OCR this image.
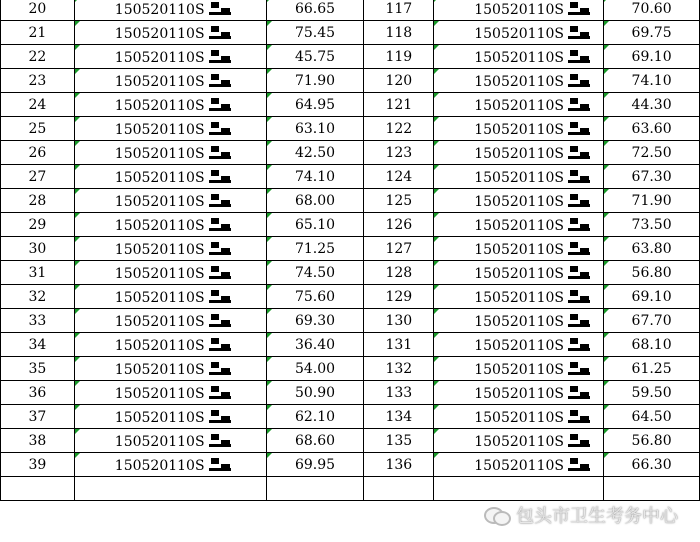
20	150520110S	66.65	117	150520110S	70.60

21	150520110S	75.45	118	150520110S	69.75

22	150520110S	45.75	119	150520110S	69.10

23	150520110S	71.90	120	150520110S	74.10

24	150520110S	64.95	121	150520110S	44.30

25	150520110S	63.10	122	150520110S	63.60

26	150520110S	42.50	123	150520110S	72.50

27	150520110S	74.10	124	150520110S	67.30

28	150520110S	68.00	125	150520110S	71.90

29	150520110S	65.10	126	150520110S	73.50

30	150520110S	71.25	127	150520110S	63.80

31	150520110S	74.50	128	150520110S	56.80

32	150520110S	75.60	129	150520110S	69.10

33	150520110S	69.30	130	150520110S	67.70

34	150520110S	36.40	131	150520110S	68.10

35	150520110S	54.00	132	150520110S	61.25

36	150520110S	50.90	133	150520110S	59.50

37	150520110S	62.10	134	150520110S	64.50

38	150520110S	68.60	135	150520110S	56.80

39	150520110S	69.95	136	150520110S	66.30

包头市卫生考务中心
